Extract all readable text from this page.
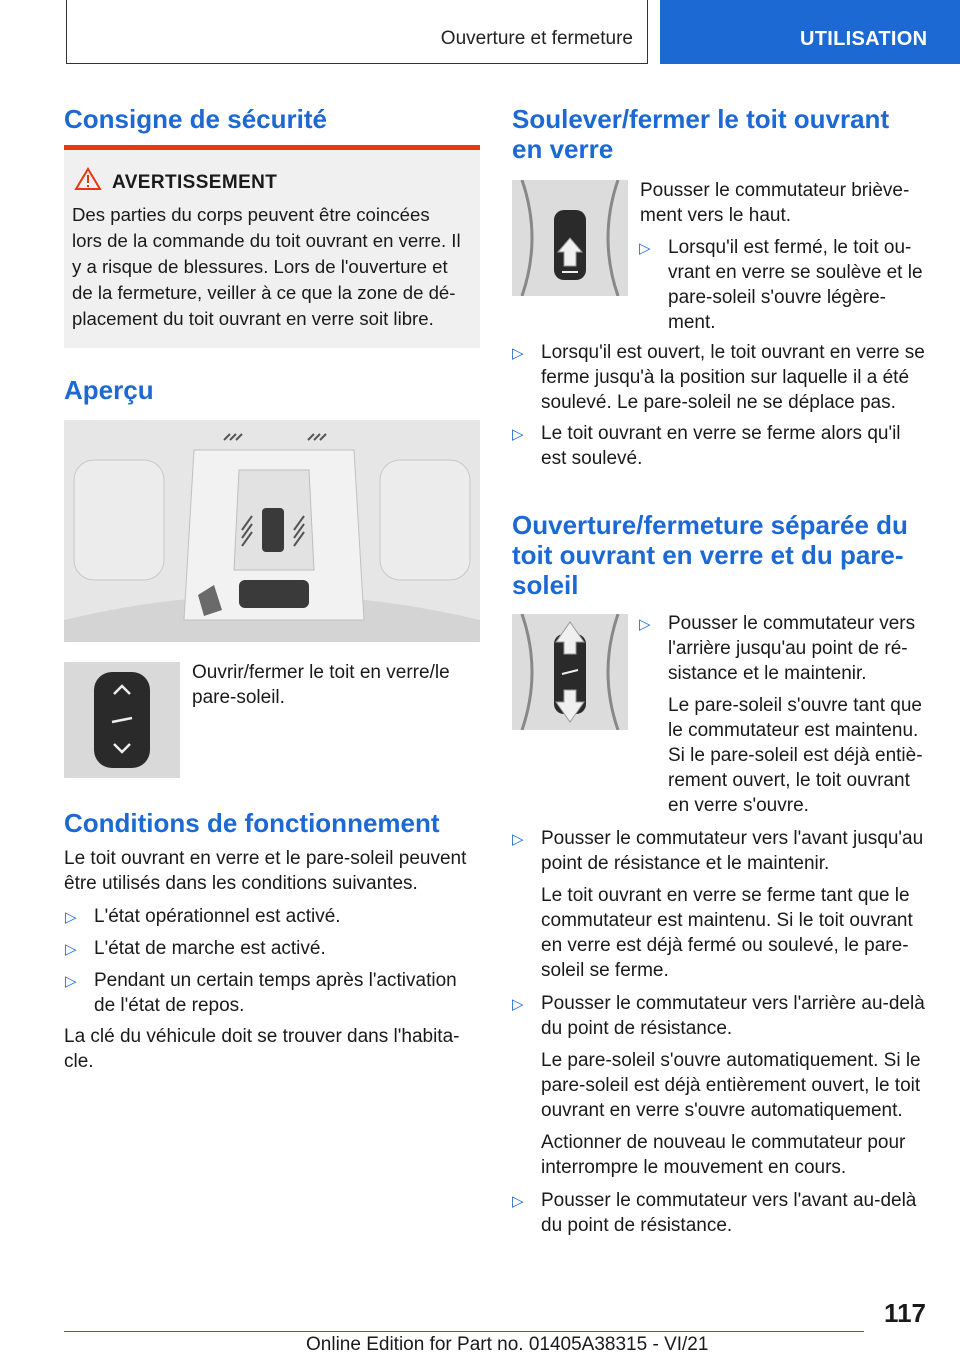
Ouverture et fermeture	UTILISATION
Consigne de sécurité
AVERTISSEMENT
Des parties du corps peuvent être coincées
lors de la commande du toit ouvrant en verre. Il
y a risque de blessures. Lors de l'ouverture et
de la fermeture, veiller à ce que la zone de dé-
placement du toit ouvrant en verre soit libre.
Aperçu

Ouvrir/fermer le toit en verre/le

pare-soleil.

Conditions de fonctionnement

Le toit ouvrant en verre et le pare-soleil peuvent

être utilisés dans les conditions suivantes.

▷ L'état opérationnel est activé.

▷ L'état de marche est activé.

▷ Pendant un certain temps après l'activation

de l'état de repos.

La clé du véhicule doit se trouver dans l'habita-

cle.

Soulever/fermer le toit ouvrant
en verre

Pousser le commutateur briève-

ment vers le haut.

▷ Lorsqu'il est fermé, le toit ou-

vrant en verre se soulève et le

pare-soleil s'ouvre légère-

ment.

▷ Lorsqu'il est ouvert, le toit ouvrant en verre se

ferme jusqu'à la position sur laquelle il a été

soulevé. Le pare-soleil ne se déplace pas.

▷ Le toit ouvrant en verre se ferme alors qu'il

est soulevé.

Ouverture/fermeture séparée du
toit ouvrant en verre et du pare-
soleil
▷ Pousser le commutateur vers

l'arrière jusqu'au point de ré-

sistance et le maintenir.

Le pare-soleil s'ouvre tant que

le commutateur est maintenu.

Si le pare-soleil est déjà entiè-

rement ouvert, le toit ouvrant

en verre s'ouvre.

▷ Pousser le commutateur vers l'avant jusqu'au

point de résistance et le maintenir.

Le toit ouvrant en verre se ferme tant que le

commutateur est maintenu. Si le toit ouvrant

en verre est déjà fermé ou soulevé, le pare-

soleil se ferme.

▷ Pousser le commutateur vers l'arrière au-delà

du point de résistance.

Le pare-soleil s'ouvre automatiquement. Si le

pare-soleil est déjà entièrement ouvert, le toit

ouvrant en verre s'ouvre automatiquement.

Actionner de nouveau le commutateur pour

interrompre le mouvement en cours.

▷ Pousser le commutateur vers l'avant au-delà

du point de résistance.

117
Online Edition for Part no. 01405A38315 - VI/21
